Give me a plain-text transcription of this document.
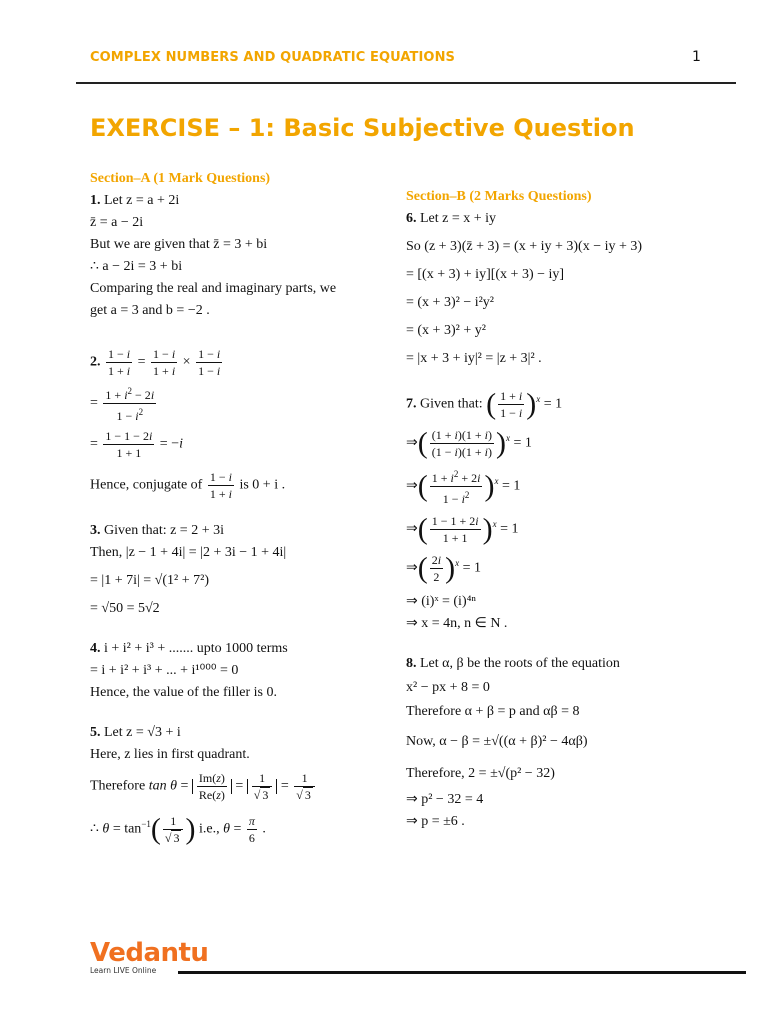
COMPLEX NUMBERS AND QUADRATIC EQUATIONS	1
EXERCISE – 1: Basic Subjective Question
Section–A (1 Mark Questions)
1. Let z = a + 2i
z̄ = a − 2i
But we are given that z̄ = 3 + bi
∴ a − 2i = 3 + bi
Comparing the real and imaginary parts, we
get a = 3 and b = −2 .
2. $\frac{1 - i}{1 + i} = \frac{1 - i}{1 + i} \times \frac{1 - i}{1 - i}$
= $\frac{1 + i^2 - 2i}{1 - i^2}$
= $\frac{1 - 1 - 2i}{1 + 1} = -i$
Hence, conjugate of $\frac{1 - i}{1 + i}$ is 0 + i .
3. Given that: z = 2 + 3i
Then, |z − 1 + 4i| = |2 + 3i − 1 + 4i|
= |1 + 7i| = √(1² + 7²)
= √50 = 5√2
4. i + i² + i³ + ....... upto 1000 terms
= i + i² + i³ + ... + i¹⁰⁰⁰ = 0
Hence, the value of the filler is 0.
5. Let z = √3 + i
Here, z lies in first quadrant.
Therefore $\tan \theta = \frac{Im(z)}{Re(z)} = \frac{1}{√ 3} = \frac{1}{√ 3}$
∴ $\theta = \tan^{-1}( \frac{1}{√ 3}$ ) i.e., $\theta = \frac{\pi}{6}$ .
Section–B (2 Marks Questions)
6. Let z = x + iy
So (z + 3)(z̄ + 3) = (x + iy + 3)(x − iy + 3)
= [(x + 3) + iy][(x + 3) − iy]
= (x + 3)² − i²y²
= (x + 3)² + y²
= |x + 3 + iy|² = |z + 3|² .
7. Given that: ( $\frac{1 + i}{1 - i} )^x = 1$
⇒( $\frac{(1 + i)(1 + i)}{(1 - i)(1 + i)} )^x = 1$
⇒( $\frac{1 + i^2 + 2i}{1 - i^2} )^x = 1$
⇒( $\frac{1 - 1 + 2i}{1 + 1} )^x = 1$
⇒( $\frac{2i}{2} )^x = 1$
⇒ (i)ˣ = (i)⁴ⁿ
⇒ x = 4n, n ∈ N .
8. Let α, β be the roots of the equation
x² − px + 8 = 0
Therefore α + β = p and αβ = 8
Now, α − β = ±√((α + β)² − 4αβ)
Therefore, 2 = ±√(p² − 32)
⇒ p² − 32 = 4
⇒ p = ±6 .
Vedantu
Learn LIVE Online
